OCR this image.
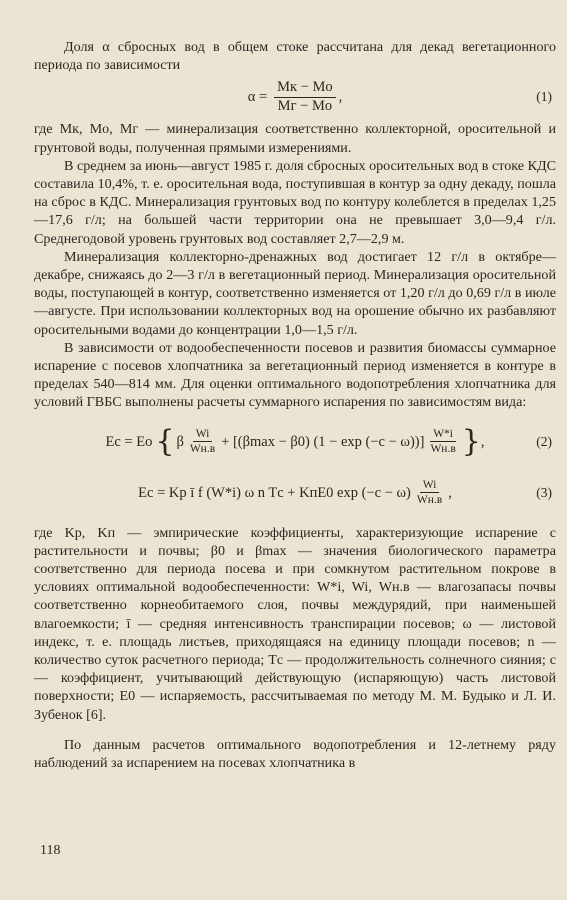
Доля α сбросных вод в общем стоке рассчитана для декад вегетационного периода по зависимости

$\alpha = \frac{Mк - Mо}{Mг - Mо}$ ,	(1)

где Mк, Mо, Mг — минерализация соответственно коллекторной, оросительной и грунтовой воды, полученная прямыми измерениями.

В среднем за июнь—август 1985 г. доля сбросных оросительных вод в стоке КДС составила 10,4%, т. е. оросительная вода, поступившая в контур за одну декаду, пошла на сброс в КДС. Минерализация грунтовых вод по контуру колеблется в пределах 1,25—17,6 г/л; на большей части территории она не превышает 3,0—9,4 г/л. Среднегодовой уровень грунтовых вод составляет 2,7—2,9 м.

Минерализация коллекторно-дренажных вод достигает 12 г/л в октябре—декабре, снижаясь до 2—3 г/л в вегетационный период. Минерализация оросительной воды, поступающей в контур, соответственно изменяется от 1,20 г/л до 0,69 г/л в июле—августе. При использовании коллекторных вод на орошение обычно их разбавляют оросительными водами до концентрации 1,0—1,5 г/л.

В зависимости от водообеспеченности посевов и развития биомассы суммарное испарение с посевов хлопчатника за вегетационный период изменяется в контуре в пределах 540—814 мм. Для оценки оптимального водопотребления хлопчатника для условий ГВБС выполнены расчеты суммарного испарения по зависимостям вида:

Eс = Eо { β $\frac{Wi}{Wн.в} + [(\beta\max - \beta 0) (1 - \exp (-c - \omega))] \frac{W*i}{Wн.в}$ } ,	(2)
Eс = Kр ī f (W*i) ω n Tс + KпE0 $\exp (-c - \omega) \frac{Wi}{Wн.в}$ ,	(3)

где Kр, Kп — эмпирические коэффициенты, характеризующие испарение с растительности и почвы; β0 и βmax — значения биологического параметра соответственно для периода посева и при сомкнутом растительном покрове в условиях оптимальной водообеспеченности: W*i, Wi, Wн.в — влагозапасы почвы соответственно корнеобитаемого слоя, почвы междурядий, при наименьшей влагоемкости; ī — средняя интенсивность транспирации посевов; ω — листовой индекс, т. е. площадь листьев, приходящаяся на единицу площади посевов; n — количество суток расчетного периода; Tс — продолжительность солнечного сияния; c — коэффициент, учитывающий действующую (испаряющую) часть листовой поверхности; E0 — испаряемость, рассчитываемая по методу М. М. Будыко и Л. И. Зубенок [6].

По данным расчетов оптимального водопотребления и 12-летнему ряду наблюдений за испарением на посевах хлопчатника в

118
